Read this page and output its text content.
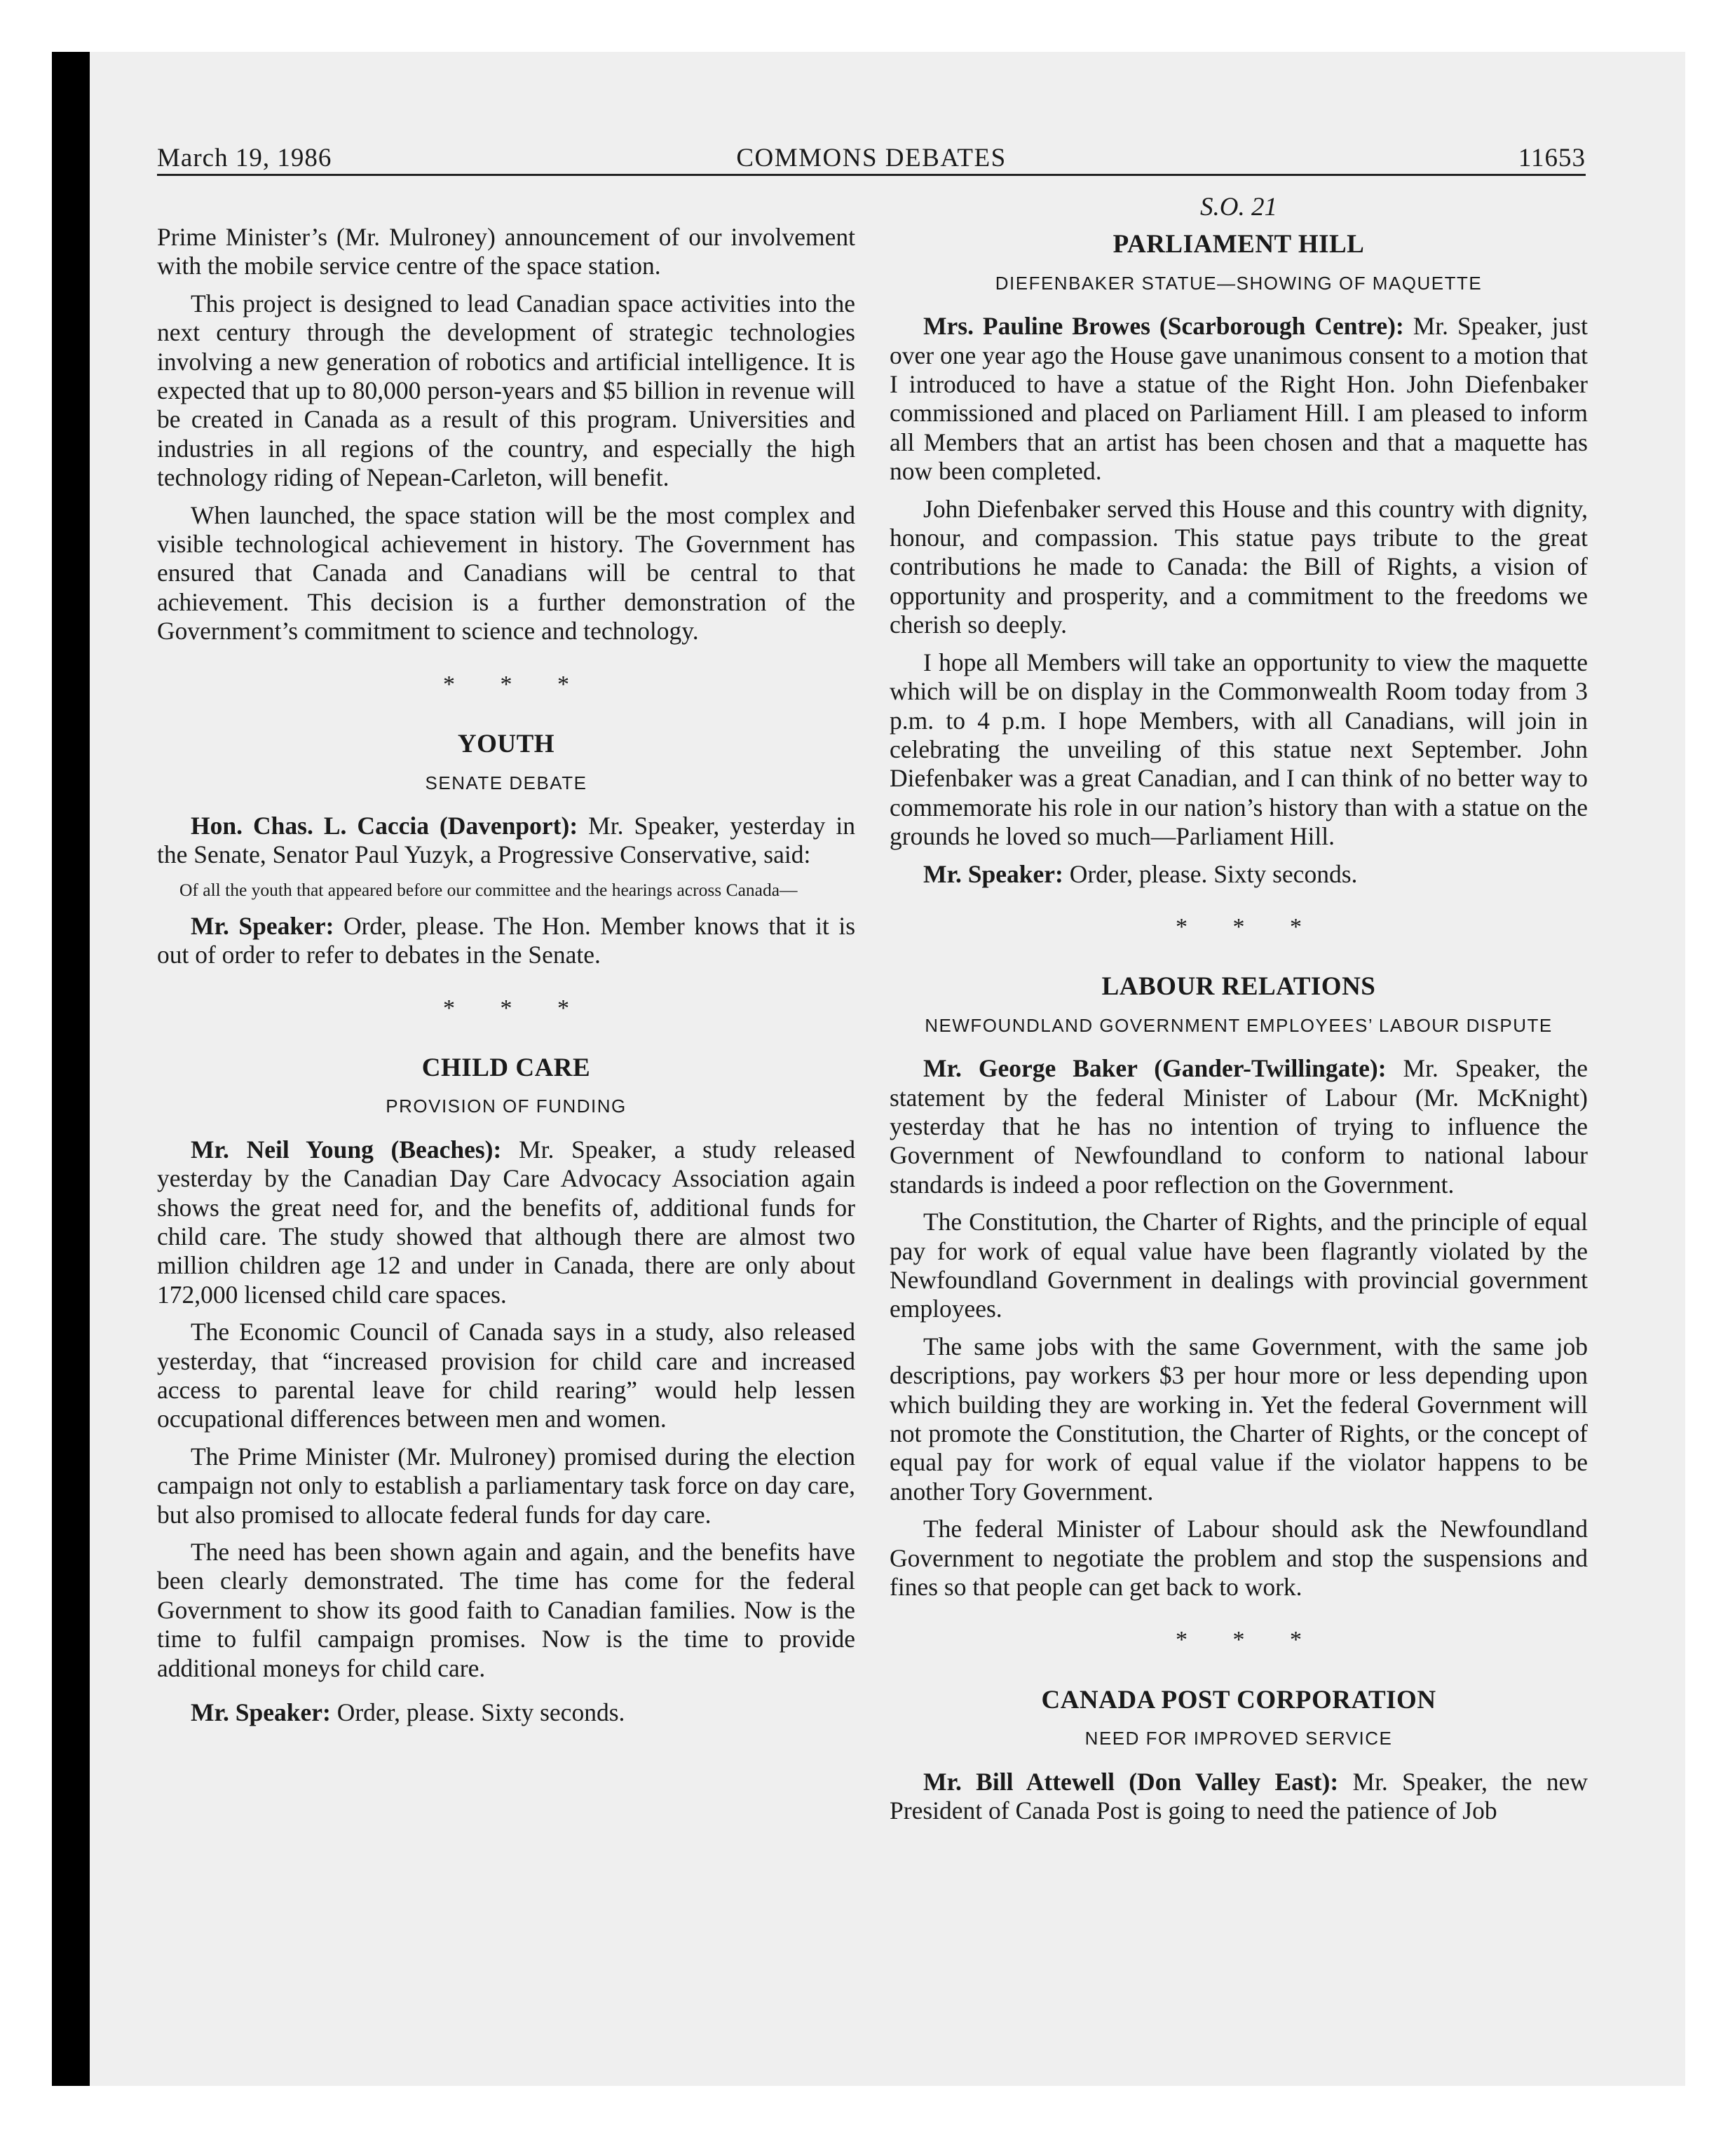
March 19, 1986	COMMONS DEBATES	11653

Prime Minister’s (Mr. Mulroney) announcement of our involvement with the mobile service centre of the space station.

This project is designed to lead Canadian space activities into the next century through the development of strategic technologies involving a new generation of robotics and artificial intelligence. It is expected that up to 80,000 person-years and $5 billion in revenue will be created in Canada as a result of this program. Universities and industries in all regions of the country, and especially the high technology riding of Nepean-Carleton, will benefit.

When launched, the space station will be the most complex and visible technological achievement in history. The Government has ensured that Canada and Canadians will be central to that achievement. This decision is a further demonstration of the Government’s commitment to science and technology.

* * *
YOUTH
SENATE DEBATE

Hon. Chas. L. Caccia (Davenport): Mr. Speaker, yesterday in the Senate, Senator Paul Yuzyk, a Progressive Conservative, said:

Of all the youth that appeared before our committee and the hearings across Canada—

Mr. Speaker: Order, please. The Hon. Member knows that it is out of order to refer to debates in the Senate.

* * *
CHILD CARE
PROVISION OF FUNDING

Mr. Neil Young (Beaches): Mr. Speaker, a study released yesterday by the Canadian Day Care Advocacy Association again shows the great need for, and the benefits of, additional funds for child care. The study showed that although there are almost two million children age 12 and under in Canada, there are only about 172,000 licensed child care spaces.

The Economic Council of Canada says in a study, also released yesterday, that “increased provision for child care and increased access to parental leave for child rearing” would help lessen occupational differences between men and women.

The Prime Minister (Mr. Mulroney) promised during the election campaign not only to establish a parliamentary task force on day care, but also promised to allocate federal funds for day care.

The need has been shown again and again, and the benefits have been clearly demonstrated. The time has come for the federal Government to show its good faith to Canadian families. Now is the time to fulfil campaign promises. Now is the time to provide additional moneys for child care.

Mr. Speaker: Order, please. Sixty seconds.

S.O. 21
PARLIAMENT HILL
DIEFENBAKER STATUE—SHOWING OF MAQUETTE

Mrs. Pauline Browes (Scarborough Centre): Mr. Speaker, just over one year ago the House gave unanimous consent to a motion that I introduced to have a statue of the Right Hon. John Diefenbaker commissioned and placed on Parliament Hill. I am pleased to inform all Members that an artist has been chosen and that a maquette has now been completed.

John Diefenbaker served this House and this country with dignity, honour, and compassion. This statue pays tribute to the great contributions he made to Canada: the Bill of Rights, a vision of opportunity and prosperity, and a commitment to the freedoms we cherish so deeply.

I hope all Members will take an opportunity to view the maquette which will be on display in the Commonwealth Room today from 3 p.m. to 4 p.m. I hope Members, with all Canadians, will join in celebrating the unveiling of this statue next September. John Diefenbaker was a great Canadian, and I can think of no better way to commemorate his role in our nation’s history than with a statue on the grounds he loved so much—Parliament Hill.

Mr. Speaker: Order, please. Sixty seconds.

* * *
LABOUR RELATIONS
NEWFOUNDLAND GOVERNMENT EMPLOYEES’ LABOUR DISPUTE

Mr. George Baker (Gander-Twillingate): Mr. Speaker, the statement by the federal Minister of Labour (Mr. McKnight) yesterday that he has no intention of trying to influence the Government of Newfoundland to conform to national labour standards is indeed a poor reflection on the Government.

The Constitution, the Charter of Rights, and the principle of equal pay for work of equal value have been flagrantly violated by the Newfoundland Government in dealings with provincial government employees.

The same jobs with the same Government, with the same job descriptions, pay workers $3 per hour more or less depending upon which building they are working in. Yet the federal Government will not promote the Constitution, the Charter of Rights, or the concept of equal pay for work of equal value if the violator happens to be another Tory Government.

The federal Minister of Labour should ask the Newfoundland Government to negotiate the problem and stop the suspensions and fines so that people can get back to work.

* * *
CANADA POST CORPORATION
NEED FOR IMPROVED SERVICE

Mr. Bill Attewell (Don Valley East): Mr. Speaker, the new President of Canada Post is going to need the patience of Job
